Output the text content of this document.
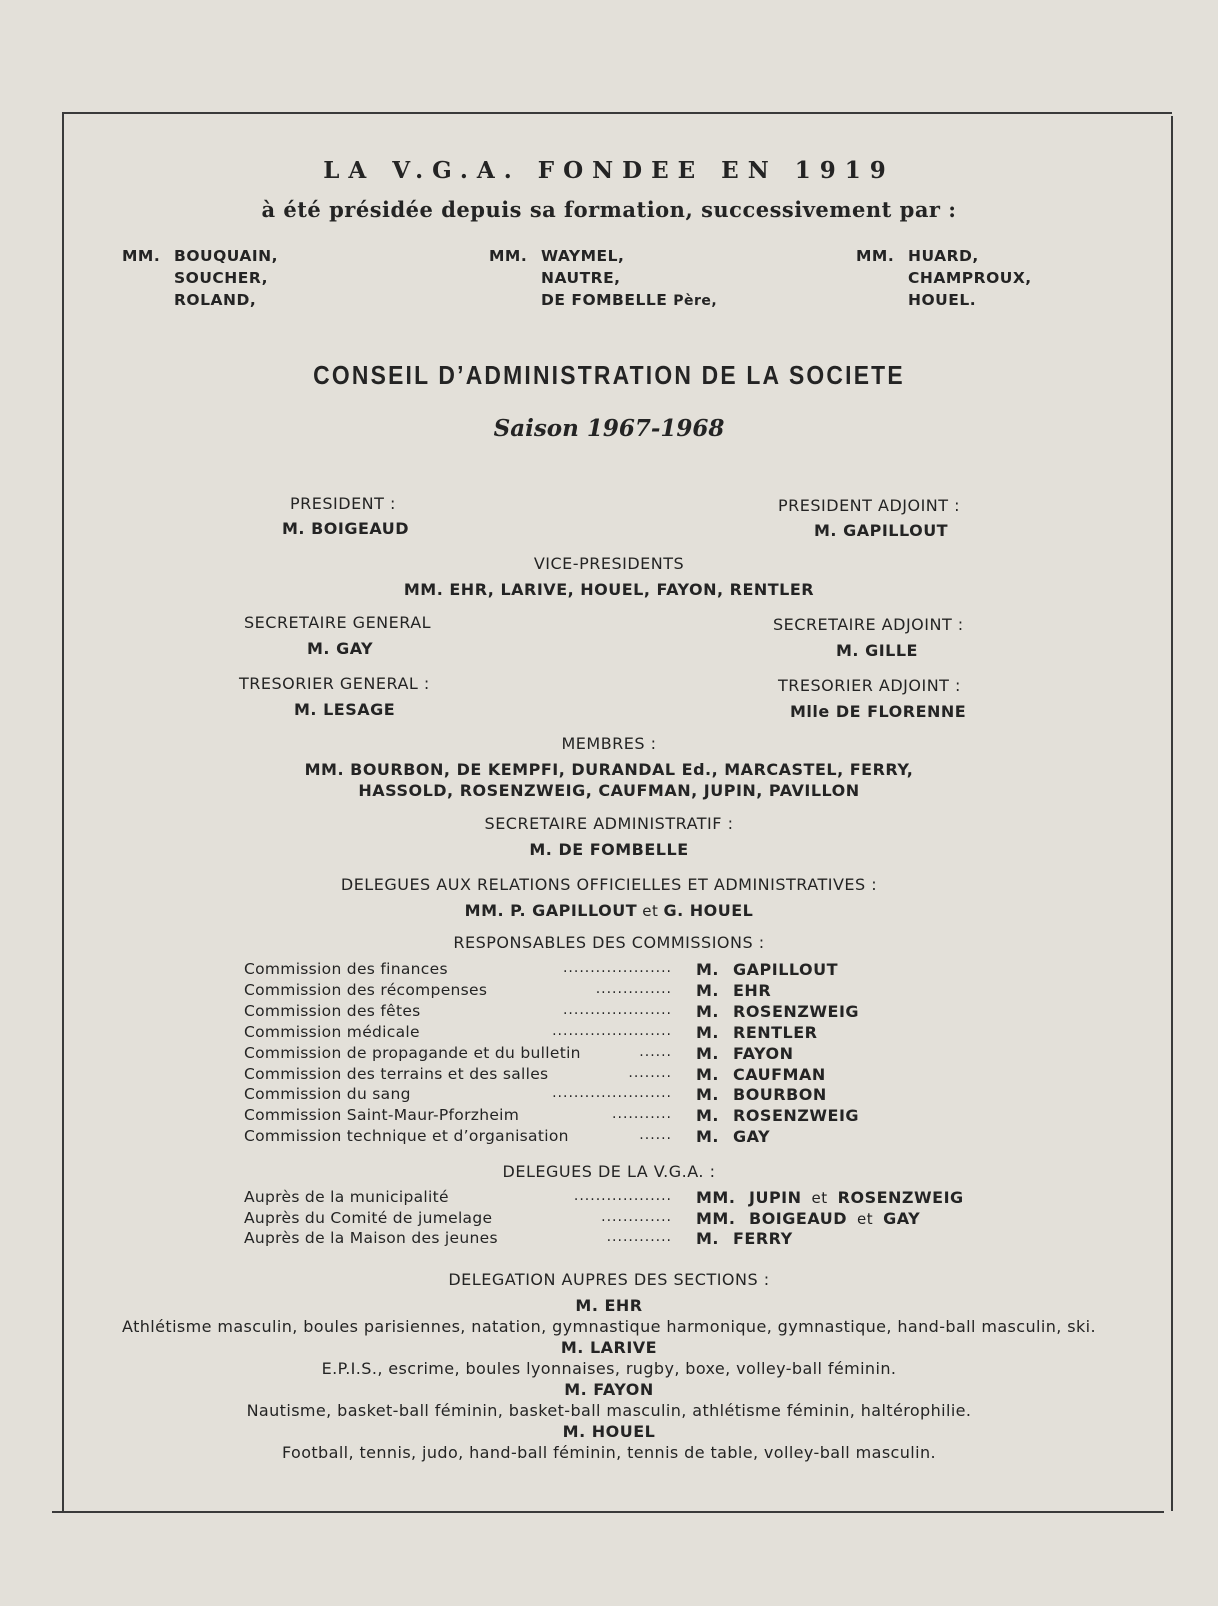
LA V.G.A. FONDEE EN 1919
à été présidée depuis sa formation, successivement par :
MM. BOUQUAIN,
SOUCHER,
ROLAND,
MM. WAYMEL,
NAUTRE,
DE FOMBELLE Père,
MM. HUARD,
CHAMPROUX,
HOUEL.
CONSEIL D’ADMINISTRATION DE LA SOCIETE
Saison 1967-1968
PRESIDENT :
M. BOIGEAUD
PRESIDENT ADJOINT :
M. GAPILLOUT
VICE-PRESIDENTS
MM. EHR, LARIVE, HOUEL, FAYON, RENTLER
SECRETAIRE GENERAL
M. GAY
SECRETAIRE ADJOINT :
M. GILLE
TRESORIER GENERAL :
M. LESAGE
TRESORIER ADJOINT :
Mlle DE FLORENNE
MEMBRES :
MM. BOURBON, DE KEMPFI, DURANDAL Ed., MARCASTEL, FERRY,
HASSOLD, ROSENZWEIG, CAUFMAN, JUPIN, PAVILLON
SECRETAIRE ADMINISTRATIF :
M. DE FOMBELLE
DELEGUES AUX RELATIONS OFFICIELLES ET ADMINISTRATIVES :
MM. P. GAPILLOUT et G. HOUEL
RESPONSABLES DES COMMISSIONS :
Commission des finances	.................... M. GAPILLOUT
Commission des récompenses	.............. M. EHR
Commission des fêtes	.................... M. ROSENZWEIG
Commission médicale	...................... M. RENTLER
Commission de propagande et du bulletin	...... M. FAYON
Commission des terrains et des salles	........ M. CAUFMAN
Commission du sang	...................... M. BOURBON
Commission Saint-Maur-Pforzheim	........... M. ROSENZWEIG
Commission technique et d’organisation	...... M. GAY
DELEGUES DE LA V.G.A. :
Auprès de la municipalité	.................. MM. JUPIN et ROSENZWEIG
Auprès du Comité de jumelage	............. MM. BOIGEAUD et GAY
Auprès de la Maison des jeunes	............ M. FERRY
DELEGATION AUPRES DES SECTIONS :
M. EHR
Athlétisme masculin, boules parisiennes, natation, gymnastique harmonique, gymnastique, hand-ball masculin, ski.
M. LARIVE
E.P.I.S., escrime, boules lyonnaises, rugby, boxe, volley-ball féminin.
M. FAYON
Nautisme, basket-ball féminin, basket-ball masculin, athlétisme féminin, haltérophilie.
M. HOUEL
Football, tennis, judo, hand-ball féminin, tennis de table, volley-ball masculin.
